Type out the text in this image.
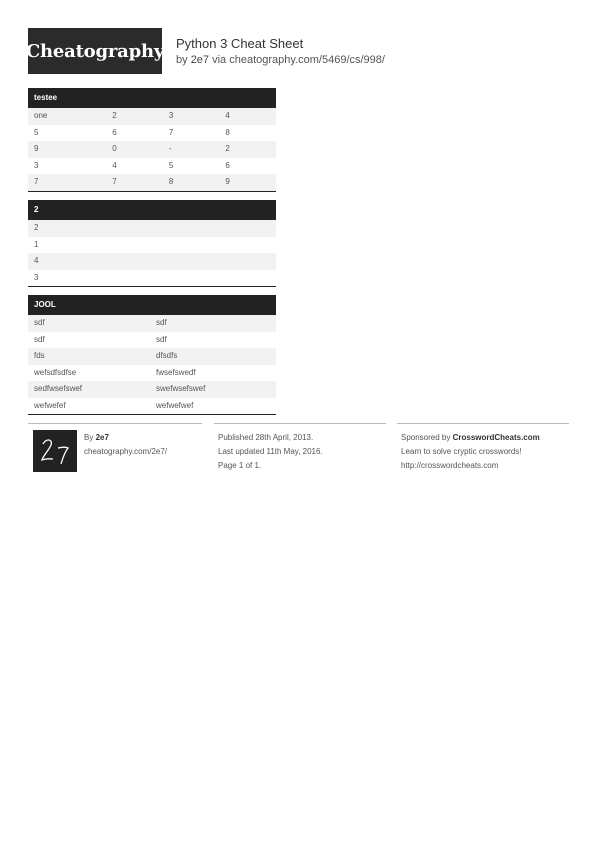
Cheatography Python 3 Cheat Sheet
by 2e7 via cheatography.com/5469/cs/998/
testee
one	2	3	4
5	6	7	8
9	0	-	2
3	4	5	6
7	7	8	9
2
2
1
4
3
JOOL
sdf	sdf
sdf	sdf
fds	dfsdfs
wefsdfsdfse	fwsefswedf
sedfwsefswef	swefwsefswef
wefwefef	wefwefwef
By 2e7
cheatography.com/2e7/
Published 28th April, 2013.
Last updated 11th May, 2016.
Page 1 of 1.
Sponsored by CrosswordCheats.com
Learn to solve cryptic crosswords!
http://crosswordcheats.com
